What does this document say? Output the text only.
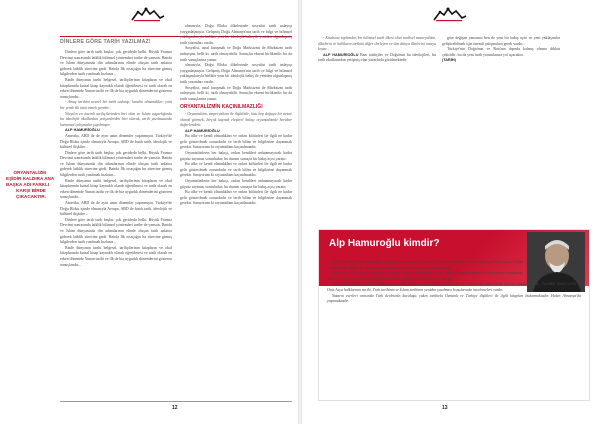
DİNLERE GÖRE TARİH YAZILMAZ!
ORYANTALİZM
EŞİDİR KALDIRA ANA
BAŞKA ADI FARKLI
KARŞI BİRDE
ÇIKACAKTIR.

Dinlere göre tarih tarih başlar; çok geridedir belki. Büyük Fransız Devrimi sonrasında laiklik bilimsel yöntemleri tarihe de yansıttı. Batıda ve İslam dünyasında din adamlarının elinde oluşan tarih anlatısı giderek laiklik sürecine girdi. Batıda İlk ortaçağın bu sürecine girmiş bilgilerden tarih yazılmak hızlanır...

Bizde dünyanın tarihi belgesel, tarihçilerinin kitapların ve okul kitaplarında kutsal kitap kaynaklı olarak öğretilmesi ve tarih olarak en erken dönemde Yunan tarihi ve ilk de biz uygarlık dönemlerini gösteren sonuçlarıdır...

- Amaç tarihini nesnel bir tarih anlatışı; kendisi almanaklar; yani bir yerde ilk ümit etmek gerekir...

Yüzyılın en önemli tarihçilerinden biri olan ve İslam uygarlığında bu ideolojik okullardan yetişenlerden biri olarak, tarih yazılmasında kuramsal çalışmalar yapılmıştır.

ALP HAMURİOĞLU

Amerika, ABD ile de aynı uzun dönemler yaşanmıştır. Türkiye'de Doğu Bloku içinde olmasıyla Avrupa, ABD ile batılı tarih, ideolojik ve kültürel ilişkiler...

Dinlere göre tarih tarih başlar; çok geridedir belki. Büyük Fransız Devrimi sonrasında laiklik bilimsel yöntemleri tarihe de yansıttı. Batıda ve İslam dünyasında din adamlarının elinde oluşan tarih anlatısı giderek laiklik sürecine girdi. Batıda İlk ortaçağın bu sürecine girmiş bilgilerden tarih yazılmak hızlanır...

Bizde dünyanın tarihi belgesel, tarihçilerinin kitapların ve okul kitaplarında kutsal kitap kaynaklı olarak öğretilmesi ve tarih olarak en erken dönemde Yunan tarihi ve ilk de biz uygarlık dönemlerini gösteren sonuçlarıdır...

Amerika, ABD ile de aynı uzun dönemler yaşanmıştır. Türkiye'de Doğu Bloku içinde olmasıyla Avrupa, ABD ile batılı tarih, ideolojik ve kültürel ilişkiler...

Dinlere göre tarih tarih başlar; çok geridedir belki. Büyük Fransız Devrimi sonrasında laiklik bilimsel yöntemleri tarihe de yansıttı. Batıda ve İslam dünyasında din adamlarının elinde oluşan tarih anlatısı giderek laiklik sürecine girdi. Batıda İlk ortaçağın bu sürecine girmiş bilgilerden tarih yazılmak hızlanır...

Bizde dünyanın tarihi belgesel, tarihçilerinin kitapların ve okul kitaplarında kutsal kitap kaynaklı olarak öğretilmesi ve tarih olarak en erken dönemde Yunan tarihi ve ilk de biz uygarlık dönemlerini gösteren sonuçlarıdır...

olmasıyla, Doğu Bloku ülkelerinde sosyalist tarih anlayışı yaygınlaşmıştır. Gelişmiş Doğu Almanya'nın tarih ve bilgi ve bilimsel yaklaşımlarıyla birlikte yeni bir ideolojik bakış ile yeniden olgunlaşmış tarih yazımları vardır.

Sosyalist, nasıl karışmak ve Doğu Marksizmi ile Marksizm tarih anlayışını, belli ki, tarih olmayabilir. Sonuçlar ekseni birliktedir; bu da tarih sonuçlarına yansır.

olmasıyla, Doğu Bloku ülkelerinde sosyalist tarih anlayışı yaygınlaşmıştır. Gelişmiş Doğu Almanya'nın tarih ve bilgi ve bilimsel yaklaşımlarıyla birlikte yeni bir ideolojik bakış ile yeniden olgunlaşmış tarih yazımları vardır.

Sosyalist, nasıl karışmak ve Doğu Marksizmi ile Marksizm tarih anlayışını, belli ki, tarih olmayabilir. Sonuçlar ekseni birliktedir; bu da tarih sonuçlarına yansır.

ORYANTALİZMİN KAÇINILMAZLIĞI

- Oryantalizm, emperyalizm ile ilişkilidir; batı hep doğuyu bir nesne olarak görmek, birçok kaynak eleştirel bakışı oryantalizmle beraber değerlendirir.

ALP HAMURİOĞLU

Bu ülke ve kendi olmadıkları ve onları kültürleri ile ilgili ne kadar gelir gösterilmek zorundadır ve tarih bilim ve bilgilerine dayanmak gerekir. Sanıyorum ki oryantalizm kaçınılmazdır.

Oryantalistlerin her bakışı, onları kendileri anlatamayacak kadar güçsüz sayması sorunludur; bu durum sonuçta bir bakış açısı yaratır.

Bu ülke ve kendi olmadıkları ve onları kültürleri ile ilgili ne kadar gelir gösterilmek zorundadır ve tarih bilim ve bilgilerine dayanmak gerekir. Sanıyorum ki oryantalizm kaçınılmazdır.

Oryantalistlerin her bakışı, onları kendileri anlatamayacak kadar güçsüz sayması sorunludur; bu durum sonuçta bir bakış açısı yaratır.

Bu ülke ve kendi olmadıkları ve onları kültürleri ile ilgili ne kadar gelir gösterilmek zorundadır ve tarih bilim ve bilgilerine dayanmak gerekir. Sanıyorum ki oryantalizm kaçınılmazdır.

12

- Kitabınız toplumlar, bir bilimsel tarih ilkesi olan tarihsel materyalizm, ülkelerin ve halkların tarihini diğer ilerleyen ve tüm dünya ilkelerini ortaya koyar...

ALP HAMURİOĞLU Bazı tarihçiler ve Doğu'nun bu ideolojileri, bu tarih okullarından yetişmiş olan yazarlarla görülmektedir.

göre değişen yansıma; ben de yeni bir bakış açısı ve yeni yaklaşımlar geliştirebilmek için önemli çalışmalara gerek vardır...

Türkiye'nin Doğu'nun ve Batı'nın dışında kalmış olması dikkat çekicidir; bu da yeni tarih yorumlarına yol açacaktır.

(TARİH)

13
Alp Hamuroğlu kimdir?

1945 yılında Balıkesir'de doğdu. Ilkokul ve orta okulu Balıkesir'de, liseyi İstanbul'da okudu. İstanbul Üniversitesi Hukuk Fakültesinde okudu; bu okuldan sonra hukuk ve sosyal bilim alanlarında çalıştı.

1960'lı ve 70'li yıllarda sosyalist hareketin içinde çalışmalara katıldı; birçok dergide yazılar ve incelemeler yayımladı. Yazıları, tarih ve sosyoloji alanında çok okunan çalışmalar arasında yer almıştır.

Avrupa ülkelerinin özellikle Almanya'nın tarihi, Batının emperyalist politikaları ve Türkiye'nin yakın tarihi üzerine kitaplar yazdı. Özellikle dinler tarihi ve Orta Asya halklarının tarihi, Türk tarihinin ve İslam tarihinin yeniden yazılması konularında incelemeleri vardır.

Yazarın eserleri arasında Türk devletinin kuruluşu, yakın tarihteki Osmanlı ve Türkiye ilişkileri ile ilgili kitapları bulunmaktadır. Halen Almanya'da yaşamaktadır.
